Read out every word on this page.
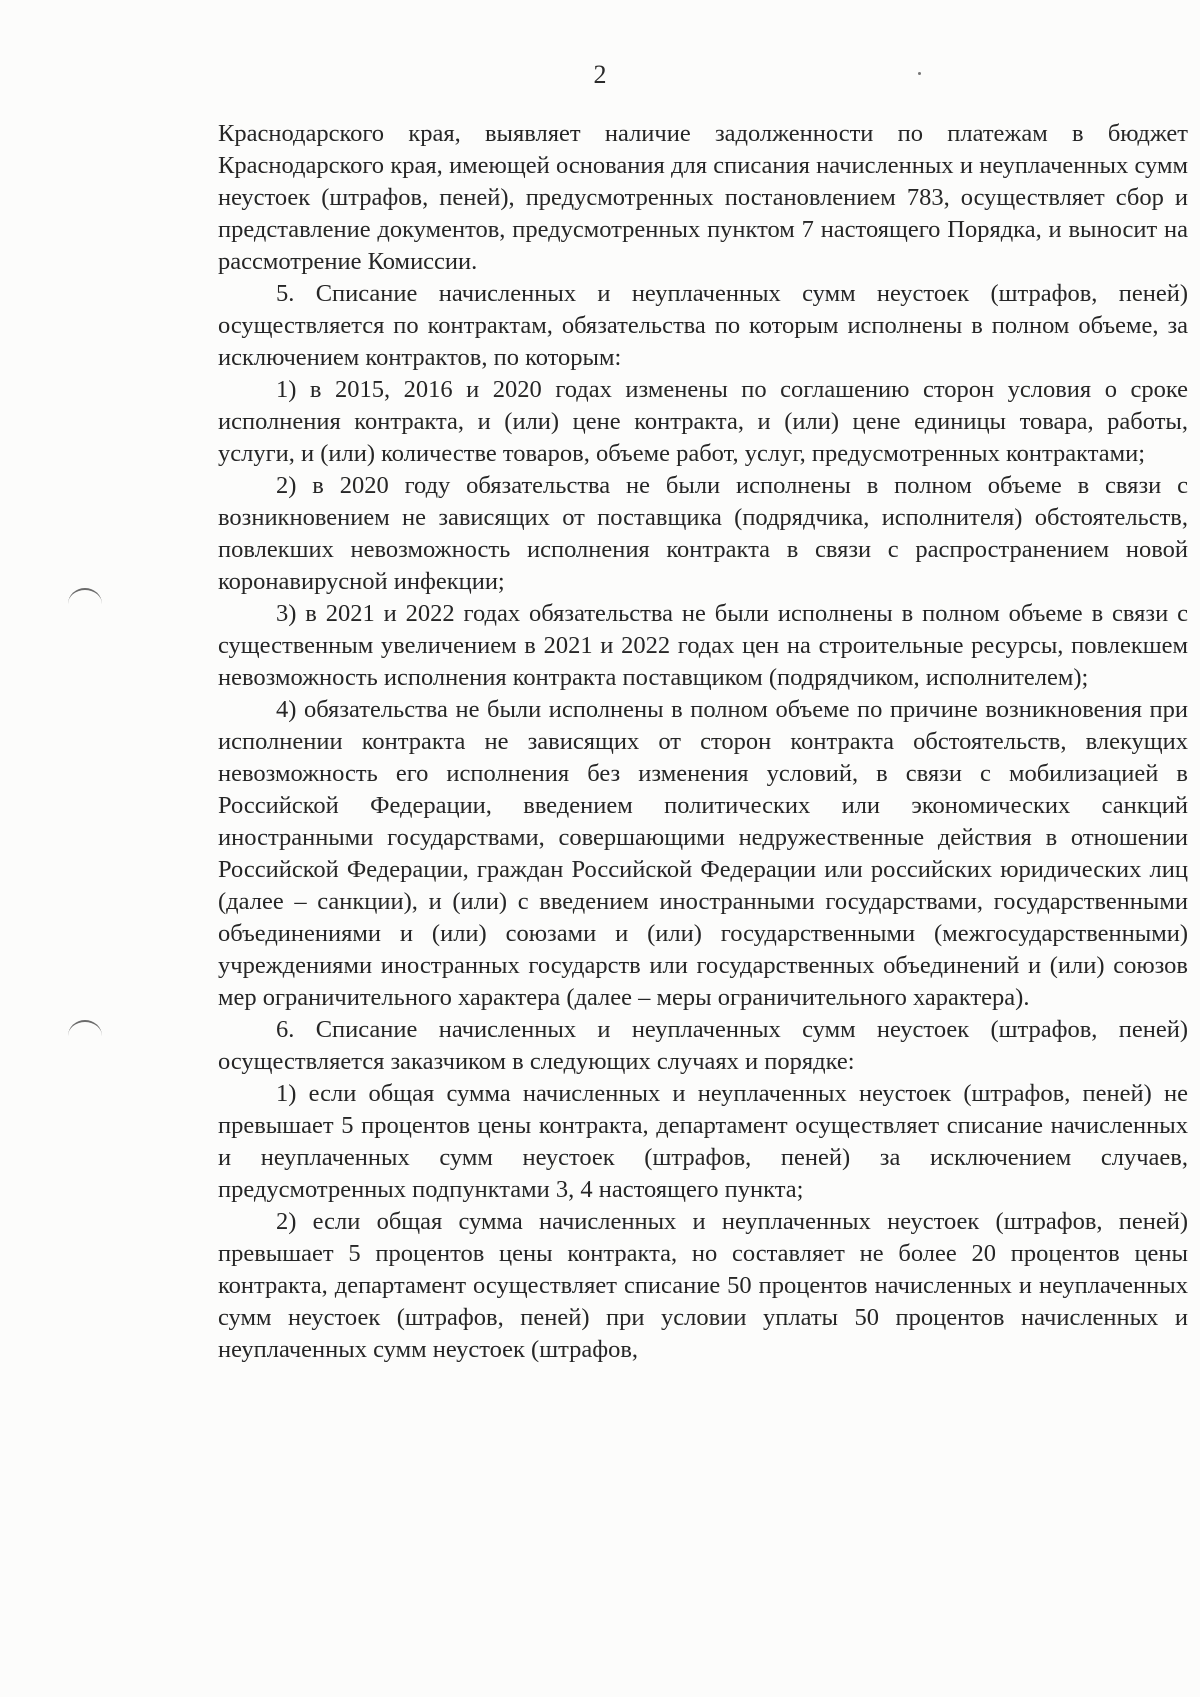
2

Краснодарского края, выявляет наличие задолженности по платежам в бюджет Краснодарского края, имеющей основания для списания начисленных и неуплаченных сумм неустоек (штрафов, пеней), предусмотренных постановлением 783, осуществляет сбор и представление документов, предусмотренных пунктом 7 настоящего Порядка, и выносит на рассмотрение Комиссии.

5. Списание начисленных и неуплаченных сумм неустоек (штрафов, пеней) осуществляется по контрактам, обязательства по которым исполнены в полном объеме, за исключением контрактов, по которым:

1) в 2015, 2016 и 2020 годах изменены по соглашению сторон условия о сроке исполнения контракта, и (или) цене контракта, и (или) цене единицы товара, работы, услуги, и (или) количестве товаров, объеме работ, услуг, предусмотренных контрактами;

2) в 2020 году обязательства не были исполнены в полном объеме в связи с возникновением не зависящих от поставщика (подрядчика, исполнителя) обстоятельств, повлекших невозможность исполнения контракта в связи с распространением новой коронавирусной инфекции;

3) в 2021 и 2022 годах обязательства не были исполнены в полном объеме в связи с существенным увеличением в 2021 и 2022 годах цен на строительные ресурсы, повлекшем невозможность исполнения контракта поставщиком (подрядчиком, исполнителем);

4) обязательства не были исполнены в полном объеме по причине возникновения при исполнении контракта не зависящих от сторон контракта обстоятельств, влекущих невозможность его исполнения без изменения условий, в связи с мобилизацией в Российской Федерации, введением политических или экономических санкций иностранными государствами, совершающими недружественные действия в отношении Российской Федерации, граждан Российской Федерации или российских юридических лиц (далее – санкции), и (или) с введением иностранными государствами, государственными объединениями и (или) союзами и (или) государственными (межгосударственными) учреждениями иностранных государств или государственных объединений и (или) союзов мер ограничительного характера (далее – меры ограничительного характера).

6. Списание начисленных и неуплаченных сумм неустоек (штрафов, пеней) осуществляется заказчиком в следующих случаях и порядке:

1) если общая сумма начисленных и неуплаченных неустоек (штрафов, пеней) не превышает 5 процентов цены контракта, департамент осуществляет списание начисленных и неуплаченных сумм неустоек (штрафов, пеней) за исключением случаев, предусмотренных подпунктами 3, 4 настоящего пункта;

2) если общая сумма начисленных и неуплаченных неустоек (штрафов, пеней) превышает 5 процентов цены контракта, но составляет не более 20 процентов цены контракта, департамент осуществляет списание 50 процентов начисленных и неуплаченных сумм неустоек (штрафов, пеней) при условии уплаты 50 процентов начисленных и неуплаченных сумм неустоек (штрафов,
